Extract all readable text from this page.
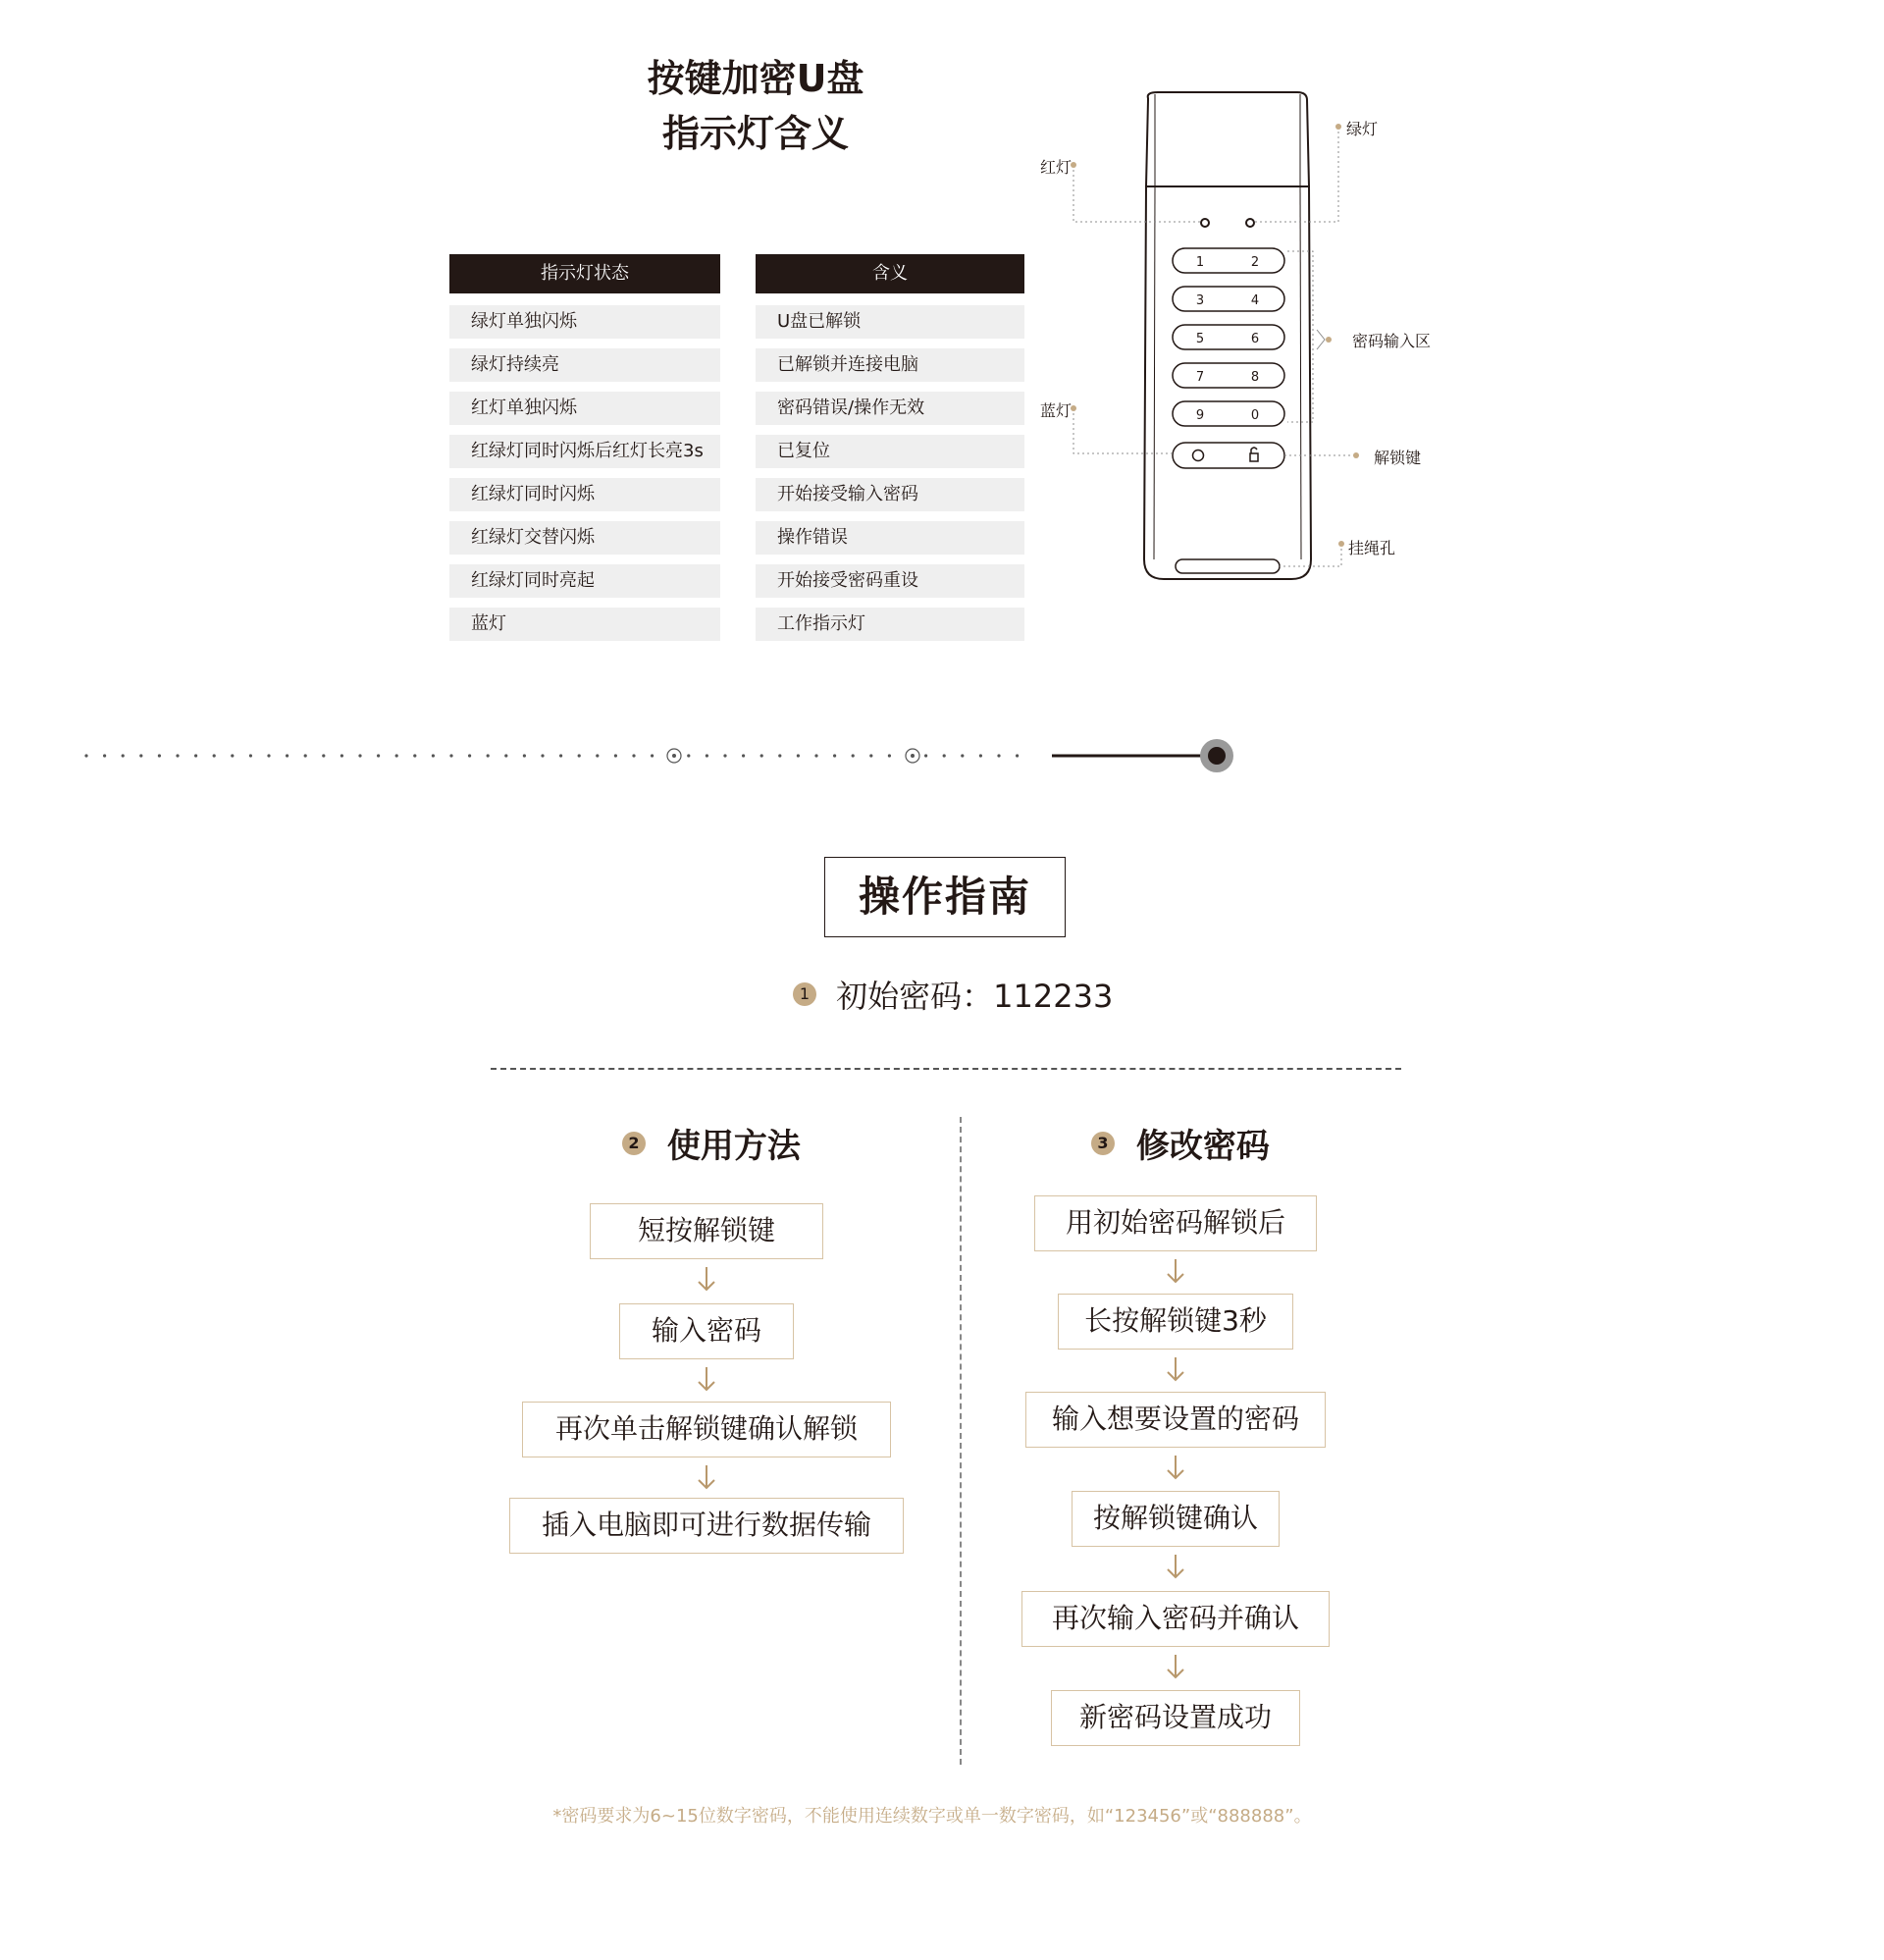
按键加密U盘
指示灯含义
指示灯状态	含义
绿灯单独闪烁	U盘已解锁
绿灯持续亮	已解锁并连接电脑
红灯单独闪烁	密码错误/操作无效
红绿灯同时闪烁后红灯长亮3s	已复位
红绿灯同时闪烁	开始接受输入密码
红绿灯交替闪烁	操作错误
红绿灯同时亮起	开始接受密码重设
蓝灯	工作指示灯
1	2
3	4
5	6
7	8
9	0
红灯
绿灯
蓝灯
密码输入区
解锁键
挂绳孔
操作指南
1 初始密码：112233
2 使用方法	3 修改密码
短按解锁键
输入密码
再次单击解锁键确认解锁
插入电脑即可进行数据传输
用初始密码解锁后
长按解锁键3秒
输入想要设置的密码
按解锁键确认
再次输入密码并确认
新密码设置成功
*密码要求为6~15位数字密码，不能使用连续数字或单一数字密码，如“123456”或“888888”。
